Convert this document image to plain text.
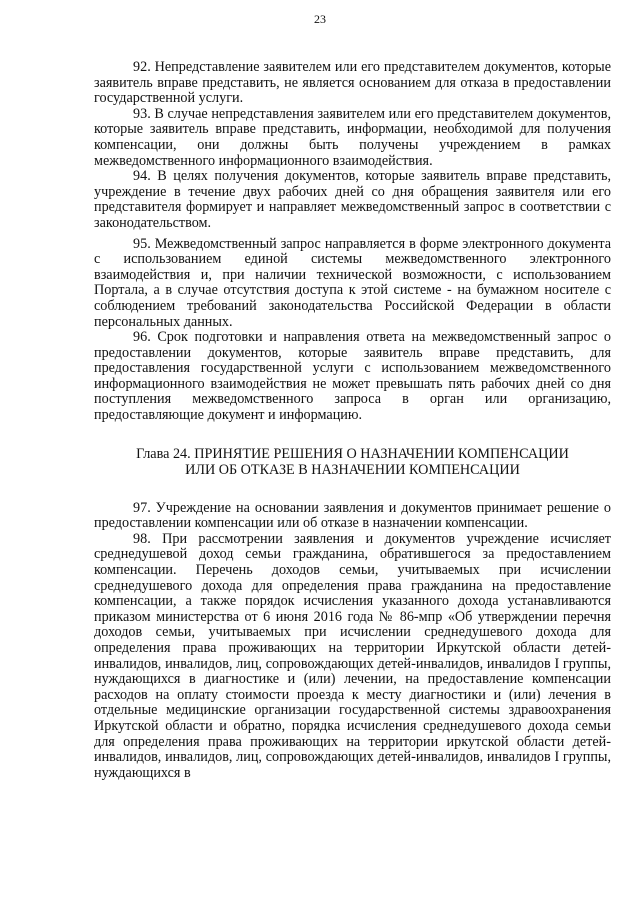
23

92. Непредставление заявителем или его представителем документов, которые заявитель вправе представить, не является основанием для отказа в предоставлении государственной услуги.

93. В случае непредставления заявителем или его представителем документов, которые заявитель вправе представить, информации, необходимой для получения компенсации, они должны быть получены учреждением в рамках межведомственного информационного взаимодействия.

94. В целях получения документов, которые заявитель вправе представить, учреждение в течение двух рабочих дней со дня обращения заявителя или его представителя формирует и направляет межведомственный запрос в соответствии с законодательством.

95. Межведомственный запрос направляется в форме электронного документа с использованием единой системы межведомственного электронного взаимодействия и, при наличии технической возможности, с использованием Портала, а в случае отсутствия доступа к этой системе - на бумажном носителе с соблюдением требований законодательства Российской Федерации в области персональных данных.

96. Срок подготовки и направления ответа на межведомственный запрос о предоставлении документов, которые заявитель вправе представить, для предоставления государственной услуги с использованием межведомственного информационного взаимодействия не может превышать пять рабочих дней со дня поступления межведомственного запроса в орган или организацию, предоставляющие документ и информацию.

Глава 24. ПРИНЯТИЕ РЕШЕНИЯ О НАЗНАЧЕНИИ КОМПЕНСАЦИИ
ИЛИ ОБ ОТКАЗЕ В НАЗНАЧЕНИИ КОМПЕНСАЦИИ

97. Учреждение на основании заявления и документов принимает решение о предоставлении компенсации или об отказе в назначении компенсации.

98. При рассмотрении заявления и документов учреждение исчисляет среднедушевой доход семьи гражданина, обратившегося за предоставлением компенсации. Перечень доходов семьи, учитываемых при исчислении среднедушевого дохода для определения права гражданина на предоставление компенсации, а также порядок исчисления указанного дохода устанавливаются приказом министерства от 6 июня 2016 года № 86-мпр «Об утверждении перечня доходов семьи, учитываемых при исчислении среднедушевого дохода для определения права проживающих на территории Иркутской области детей-инвалидов, инвалидов, лиц, сопровождающих детей-инвалидов, инвалидов I группы, нуждающихся в диагностике и (или) лечении, на предоставление компенсации расходов на оплату стоимости проезда к месту диагностики и (или) лечения в отдельные медицинские организации государственной системы здравоохранения Иркутской области и обратно, порядка исчисления среднедушевого дохода семьи для определения права проживающих на территории иркутской области детей-инвалидов, инвалидов, лиц, сопровождающих детей-инвалидов, инвалидов I группы, нуждающихся в
